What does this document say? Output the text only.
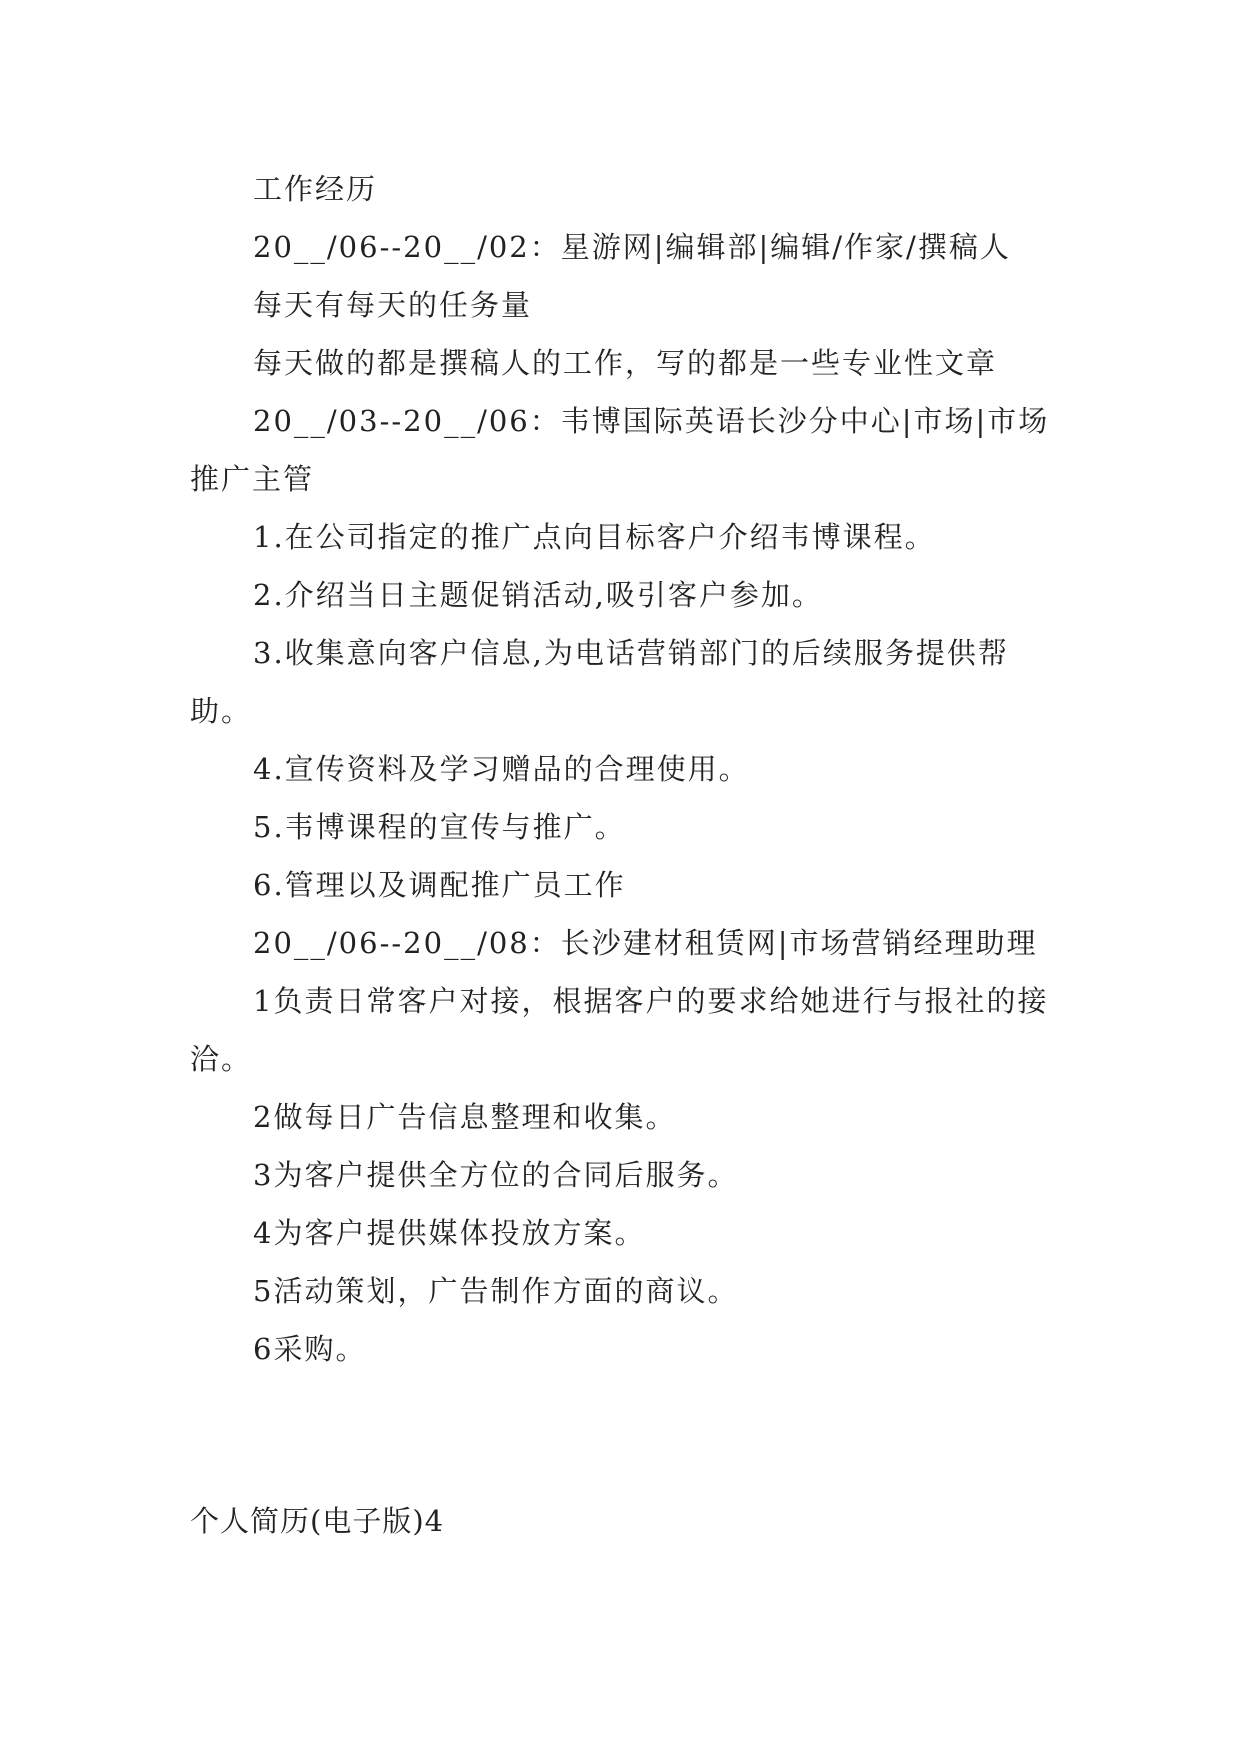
工作经历

20__/06--20__/02：星游网|编辑部|编辑/作家/撰稿人

每天有每天的任务量

每天做的都是撰稿人的工作，写的都是一些专业性文章

20__/03--20__/06：韦博国际英语长沙分中心|市场|市场推广主管

1.在公司指定的推广点向目标客户介绍韦博课程。

2.介绍当日主题促销活动,吸引客户参加。

3.收集意向客户信息,为电话营销部门的后续服务提供帮助。

4.宣传资料及学习赠品的合理使用。

5.韦博课程的宣传与推广。

6.管理以及调配推广员工作

20__/06--20__/08：长沙建材租赁网|市场营销经理助理

1负责日常客户对接，根据客户的要求给她进行与报社的接洽。

2做每日广告信息整理和收集。

3为客户提供全方位的合同后服务。

4为客户提供媒体投放方案。

5活动策划，广告制作方面的商议。

6采购。

个人简历(电子版)4
